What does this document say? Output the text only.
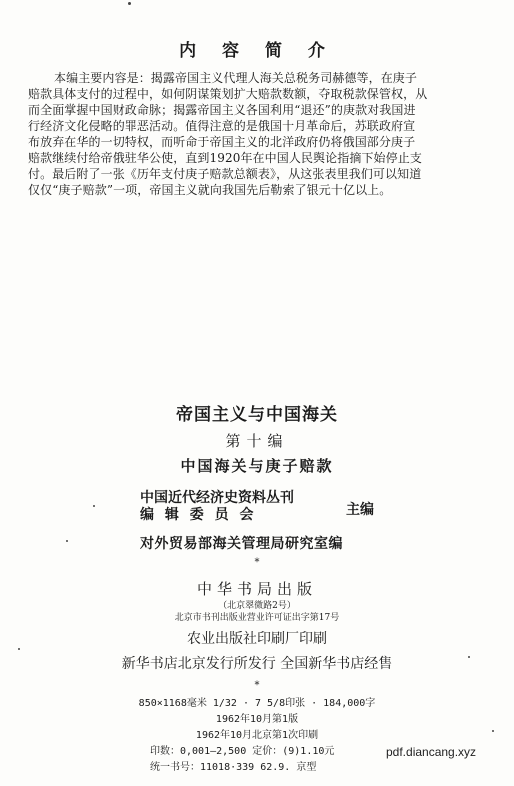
内 容 简 介
本编主要内容是：揭露帝国主义代理人海关总税务司赫德等，在庚子
赔款具体支付的过程中，如何阴谋策划扩大赔款数额，夺取税款保管权，从
而全面掌握中国财政命脉；揭露帝国主义各国利用“退还”的庚款对我国进
行经济文化侵略的罪恶活动。值得注意的是俄国十月革命后，苏联政府宣
布放弃在华的一切特权，而听命于帝国主义的北洋政府仍将俄国部分庚子
赔款继续付给帝俄驻华公使，直到1920年在中国人民舆论指摘下始停止支
付。最后附了一张《历年支付庚子赔款总额表》，从这张表里我们可以知道
仅仅“庚子赔款”一项，帝国主义就向我国先后勒索了银元十亿以上。
帝国主义与中国海关
第十编
中国海关与庚子赔款
中国近代经济史资料丛刊
编 辑 委 员 会	主编
对外贸易部海关管理局研究室编
*
中华书局出版
（北京翠微路2号）
北京市书刊出版业营业许可证出字第17号
农业出版社印刷厂印刷
新华书店北京发行所发行 全国新华书店经售
*
850×1168毫米 1/32 · 7 5/8印张 · 184,000字
1962年10月第1版
1962年10月北京第1次印刷
印数：0,001—2,500 定价：(9)1.10元
统一书号：11018·339 62.9. 京型
pdf.diancang.xyz
